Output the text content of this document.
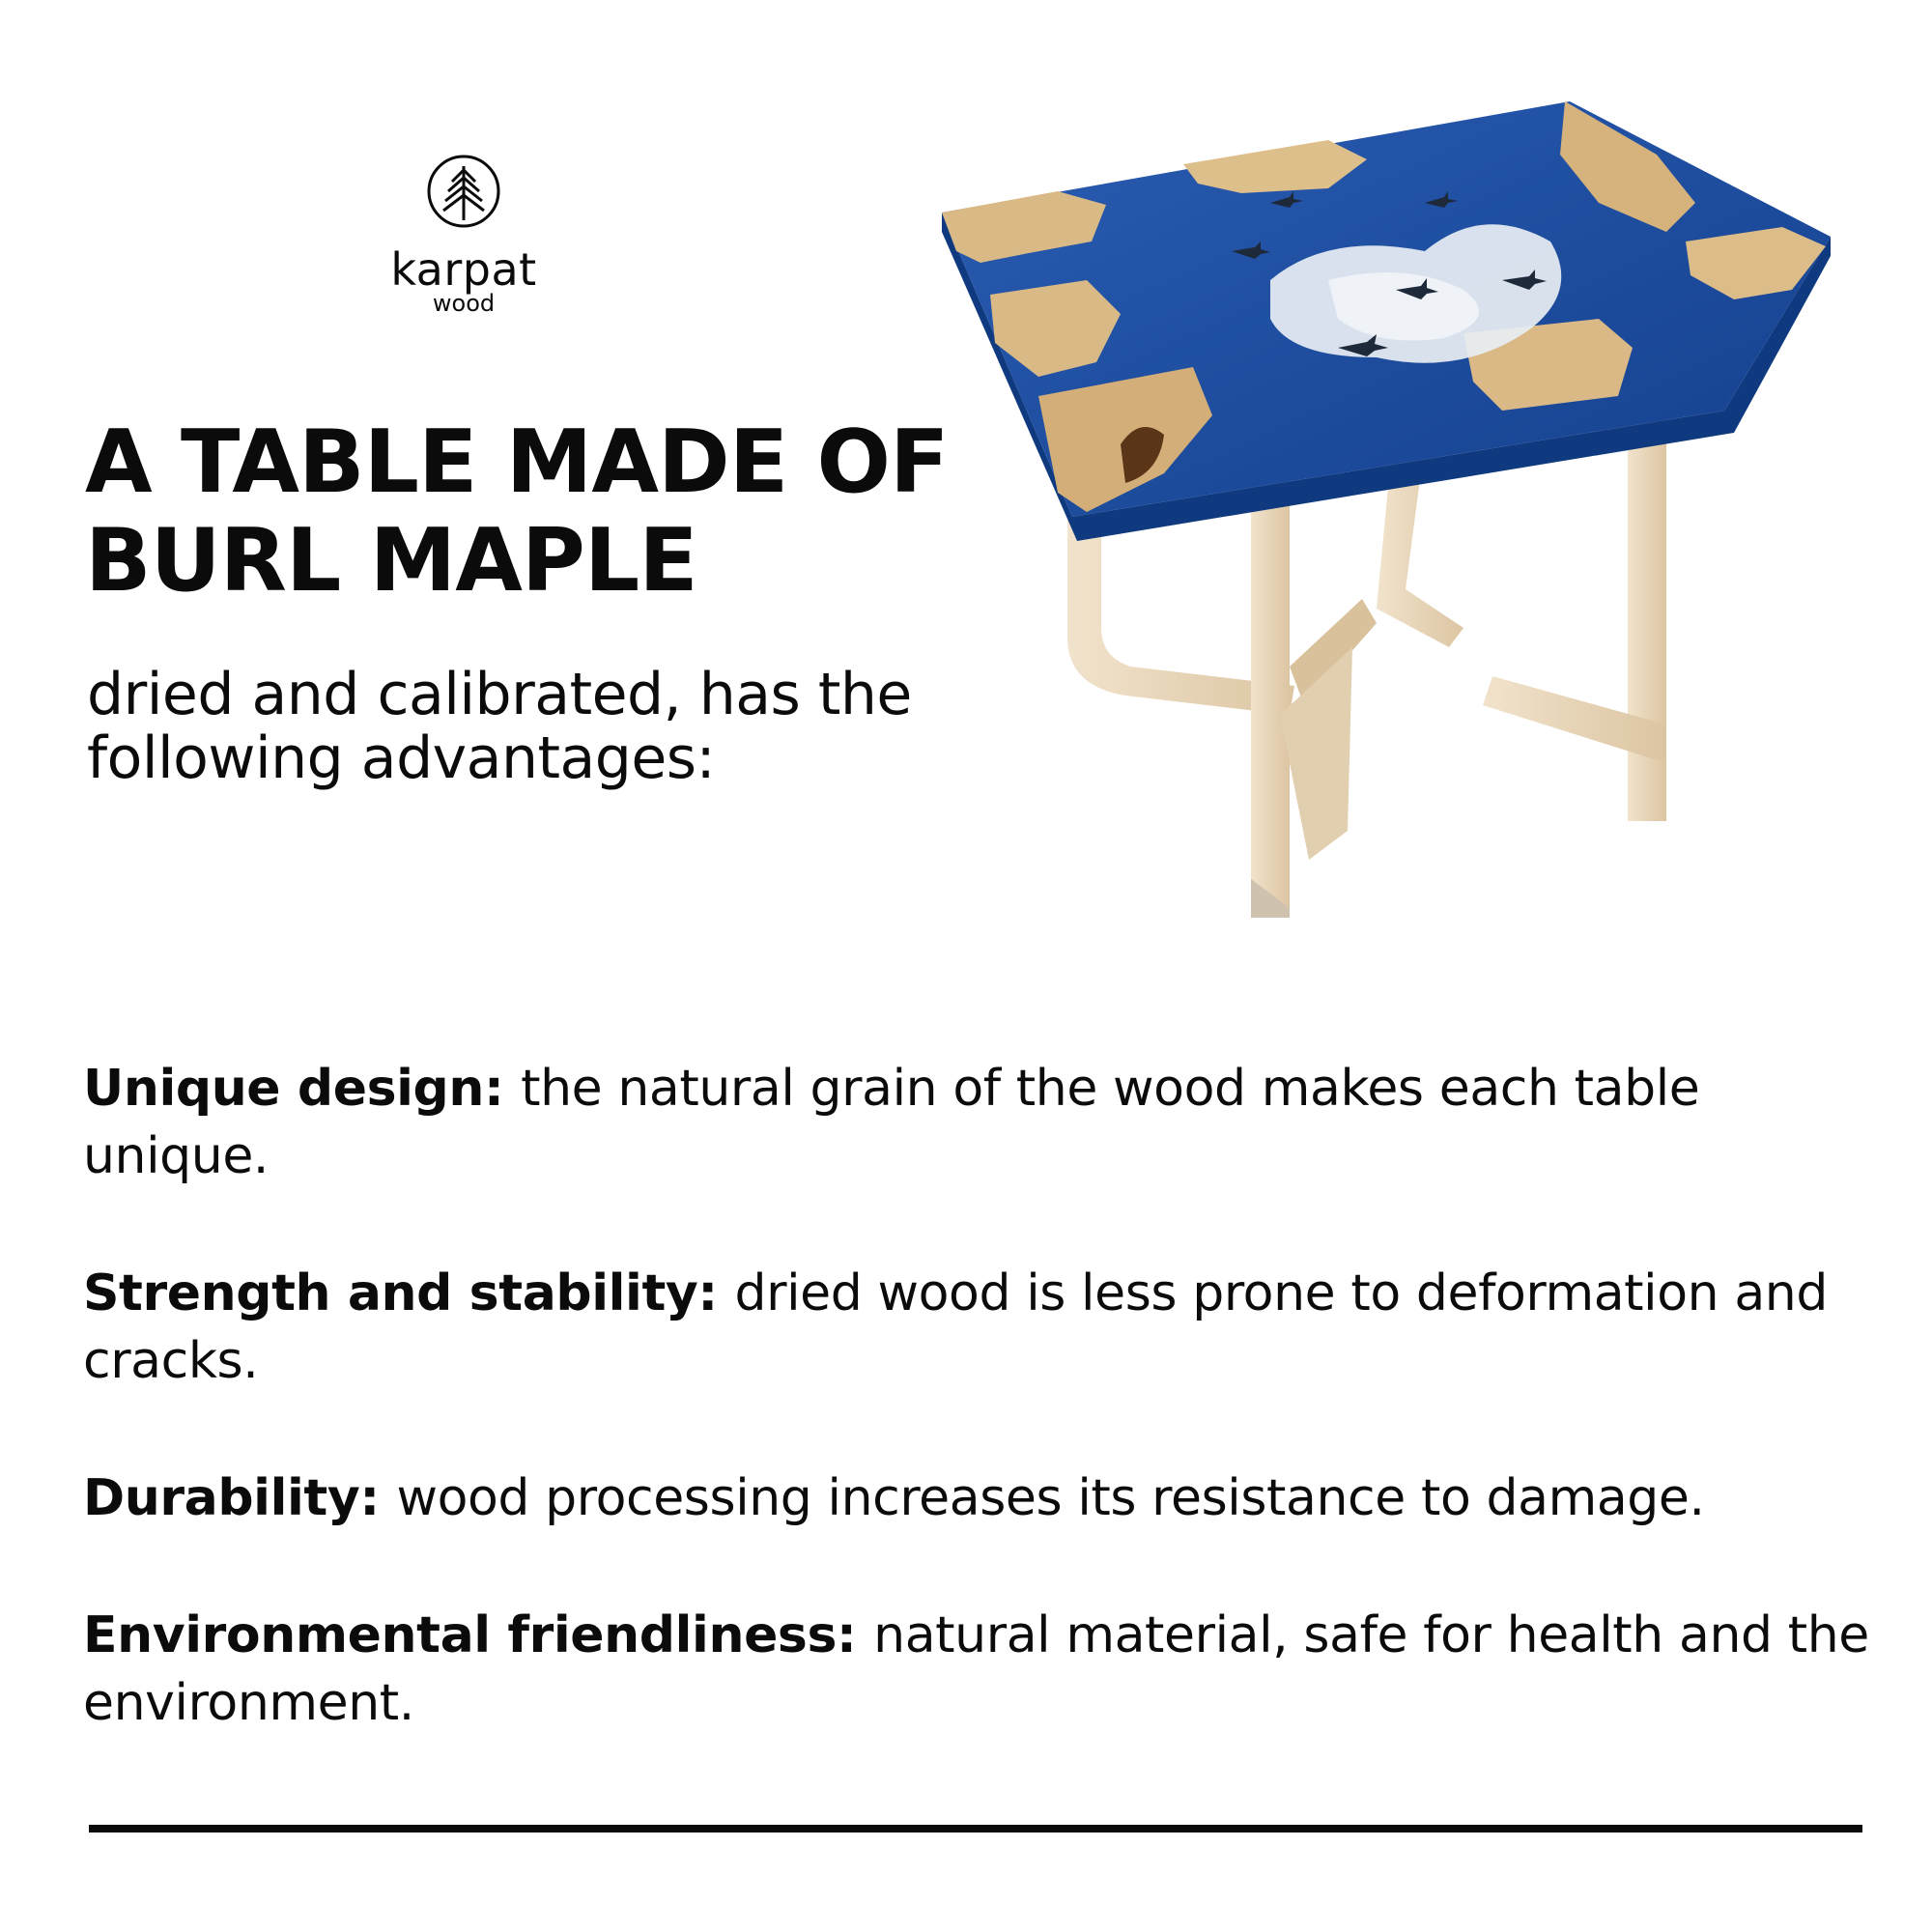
karpat
wood
A TABLE MADE OF
BURL MAPLE

dried and calibrated, has the
following advantages:

Unique design: the natural grain of the wood makes each table unique.
Strength and stability: dried wood is less prone to deformation and cracks.
Durability: wood processing increases its resistance to damage.
Environmental friendliness: natural material, safe for health and the environment.
